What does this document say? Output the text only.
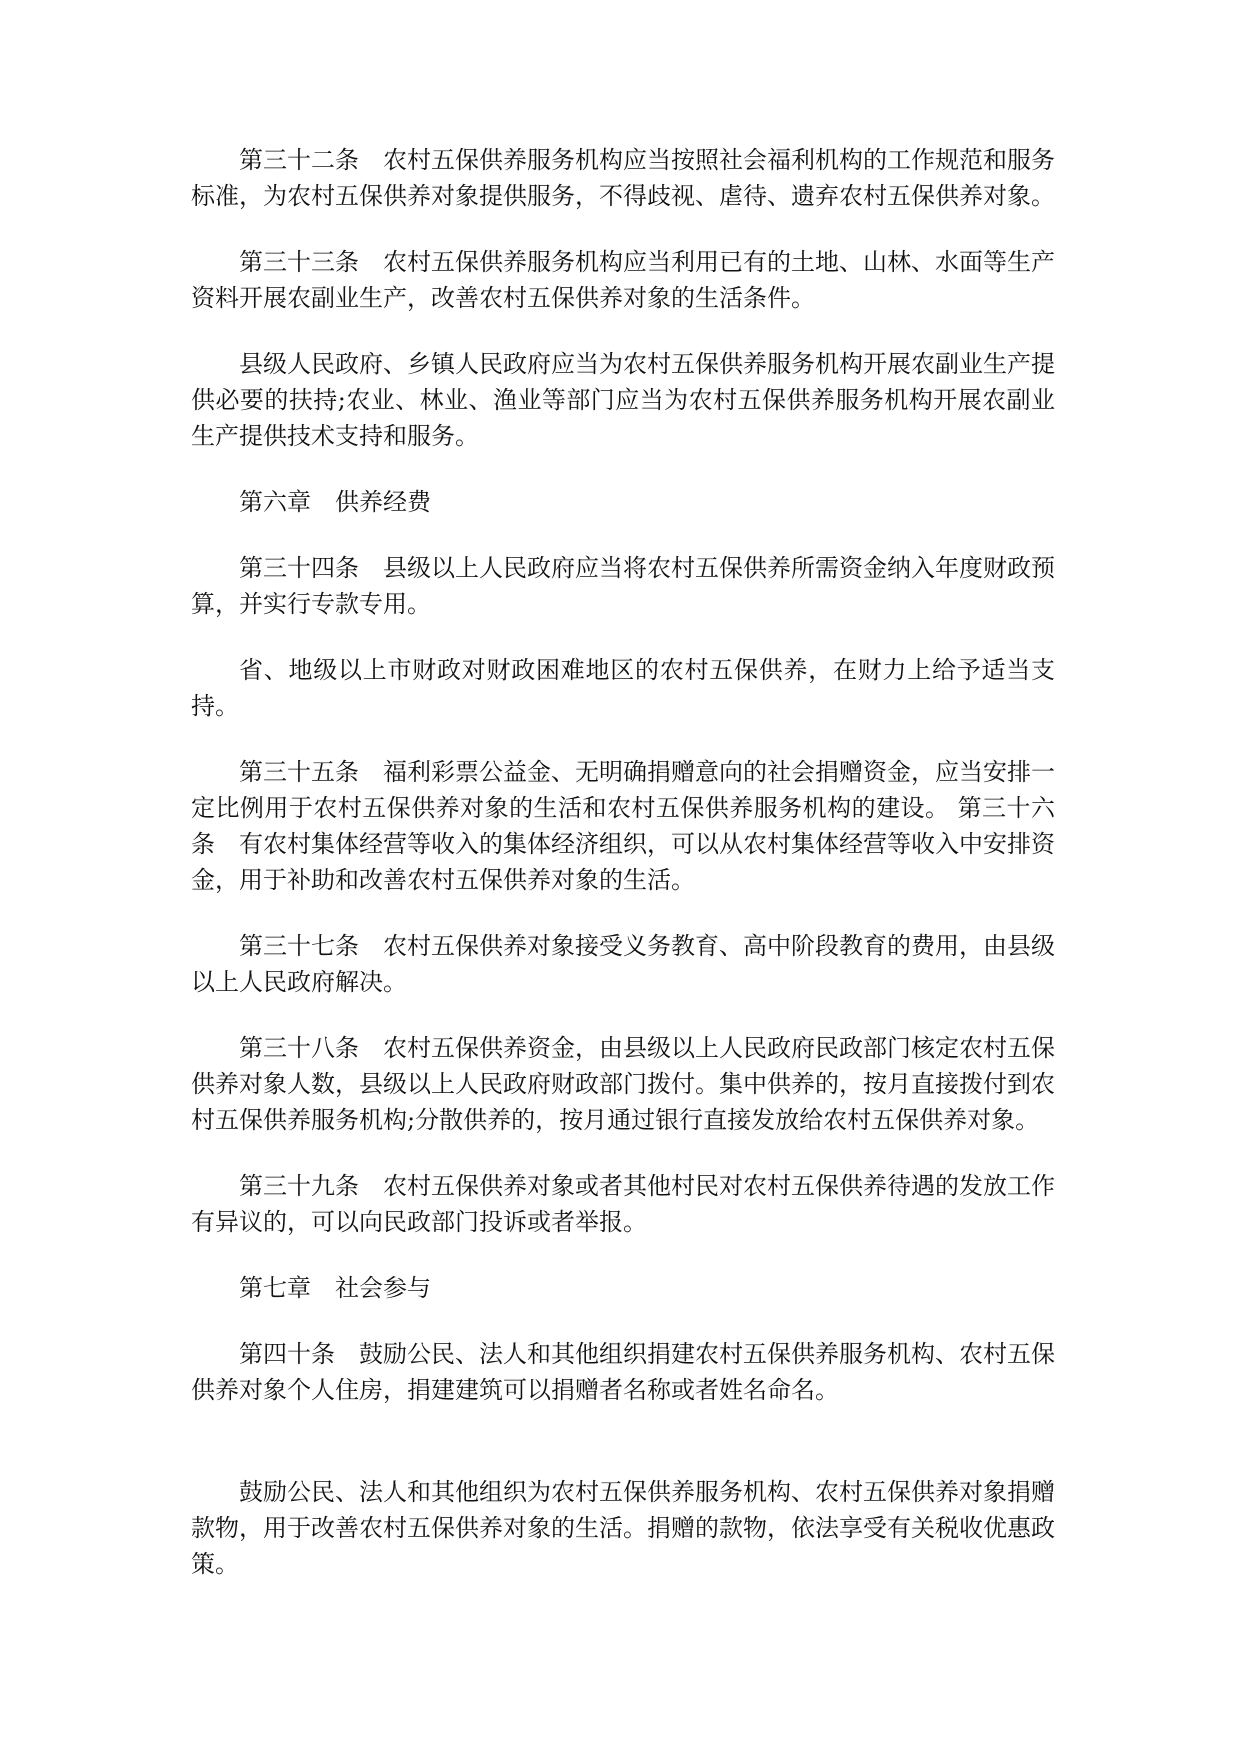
第三十二条　农村五保供养服务机构应当按照社会福利机构的工作规范和服务标准，为农村五保供养对象提供服务，不得歧视、虐待、遗弃农村五保供养对象。

第三十三条　农村五保供养服务机构应当利用已有的土地、山林、水面等生产资料开展农副业生产，改善农村五保供养对象的生活条件。

县级人民政府、乡镇人民政府应当为农村五保供养服务机构开展农副业生产提供必要的扶持;农业、林业、渔业等部门应当为农村五保供养服务机构开展农副业生产提供技术支持和服务。

第六章　供养经费

第三十四条　县级以上人民政府应当将农村五保供养所需资金纳入年度财政预算，并实行专款专用。

省、地级以上市财政对财政困难地区的农村五保供养，在财力上给予适当支持。

第三十五条　福利彩票公益金、无明确捐赠意向的社会捐赠资金，应当安排一定比例用于农村五保供养对象的生活和农村五保供养服务机构的建设。 第三十六条　有农村集体经营等收入的集体经济组织，可以从农村集体经营等收入中安排资金，用于补助和改善农村五保供养对象的生活。

第三十七条　农村五保供养对象接受义务教育、高中阶段教育的费用，由县级以上人民政府解决。

第三十八条　农村五保供养资金，由县级以上人民政府民政部门核定农村五保供养对象人数，县级以上人民政府财政部门拨付。集中供养的，按月直接拨付到农村五保供养服务机构;分散供养的，按月通过银行直接发放给农村五保供养对象。

第三十九条　农村五保供养对象或者其他村民对农村五保供养待遇的发放工作有异议的，可以向民政部门投诉或者举报。

第七章　社会参与

第四十条　鼓励公民、法人和其他组织捐建农村五保供养服务机构、农村五保供养对象个人住房，捐建建筑可以捐赠者名称或者姓名命名。

鼓励公民、法人和其他组织为农村五保供养服务机构、农村五保供养对象捐赠款物，用于改善农村五保供养对象的生活。捐赠的款物，依法享受有关税收优惠政策。
